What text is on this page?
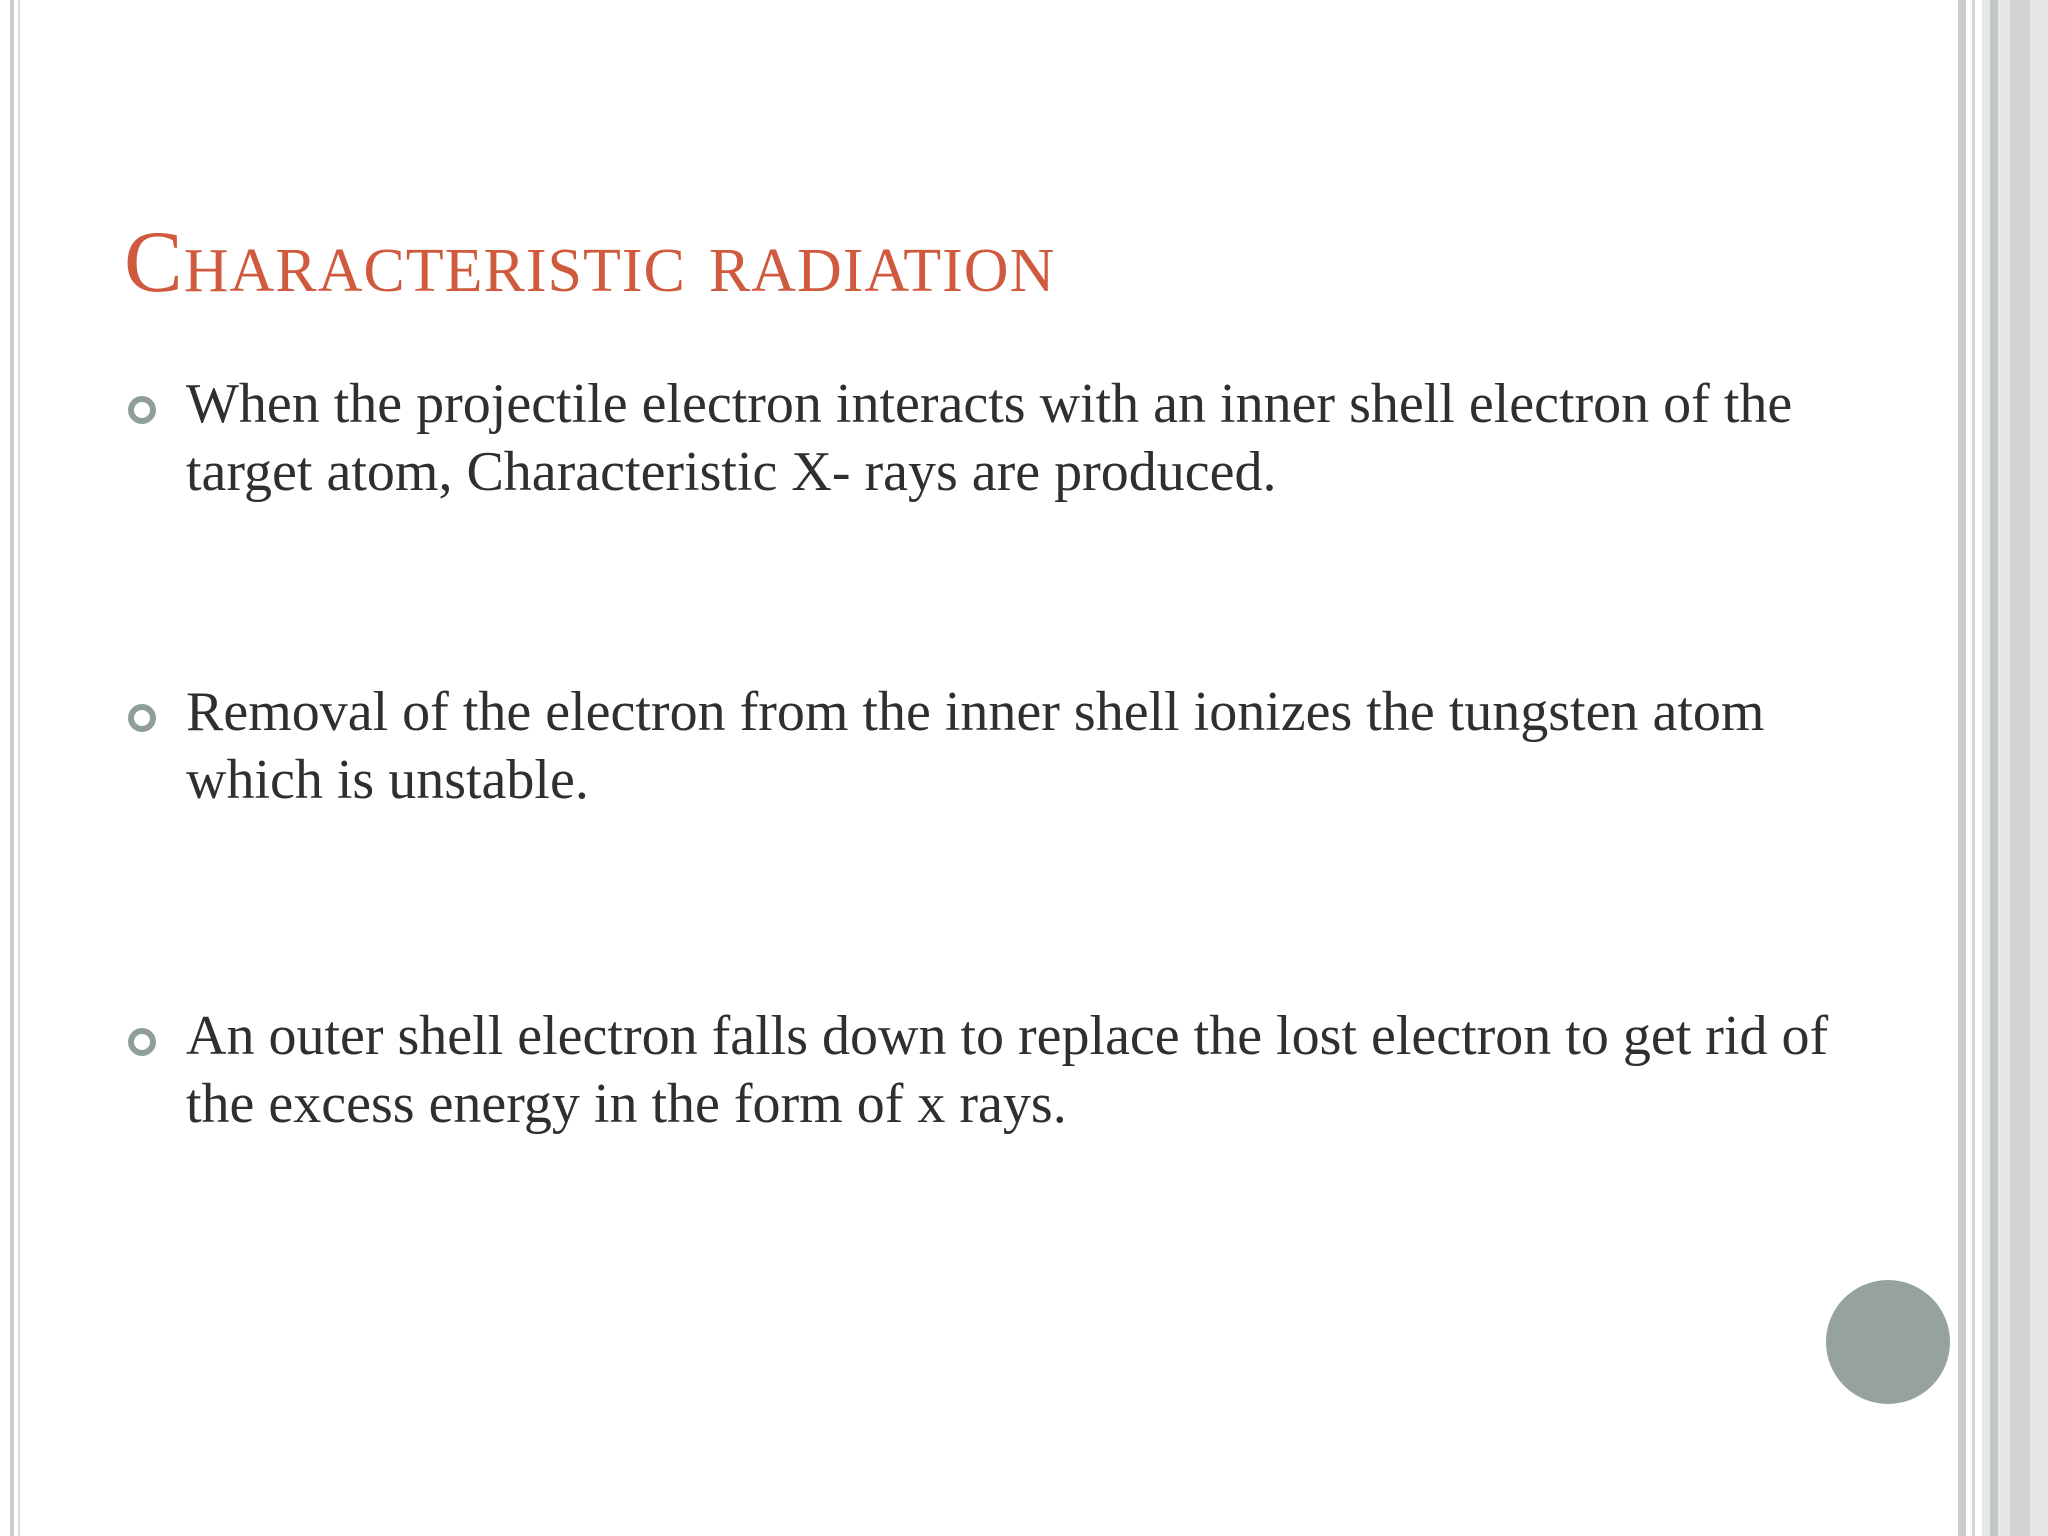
Characteristic radiation
When the projectile electron interacts with an inner shell electron of the target atom, Characteristic X- rays are produced.
Removal of the electron from the inner shell ionizes the tungsten atom which is unstable.
An outer shell electron falls down to replace the lost electron to get rid of the excess energy in the form of x rays.
